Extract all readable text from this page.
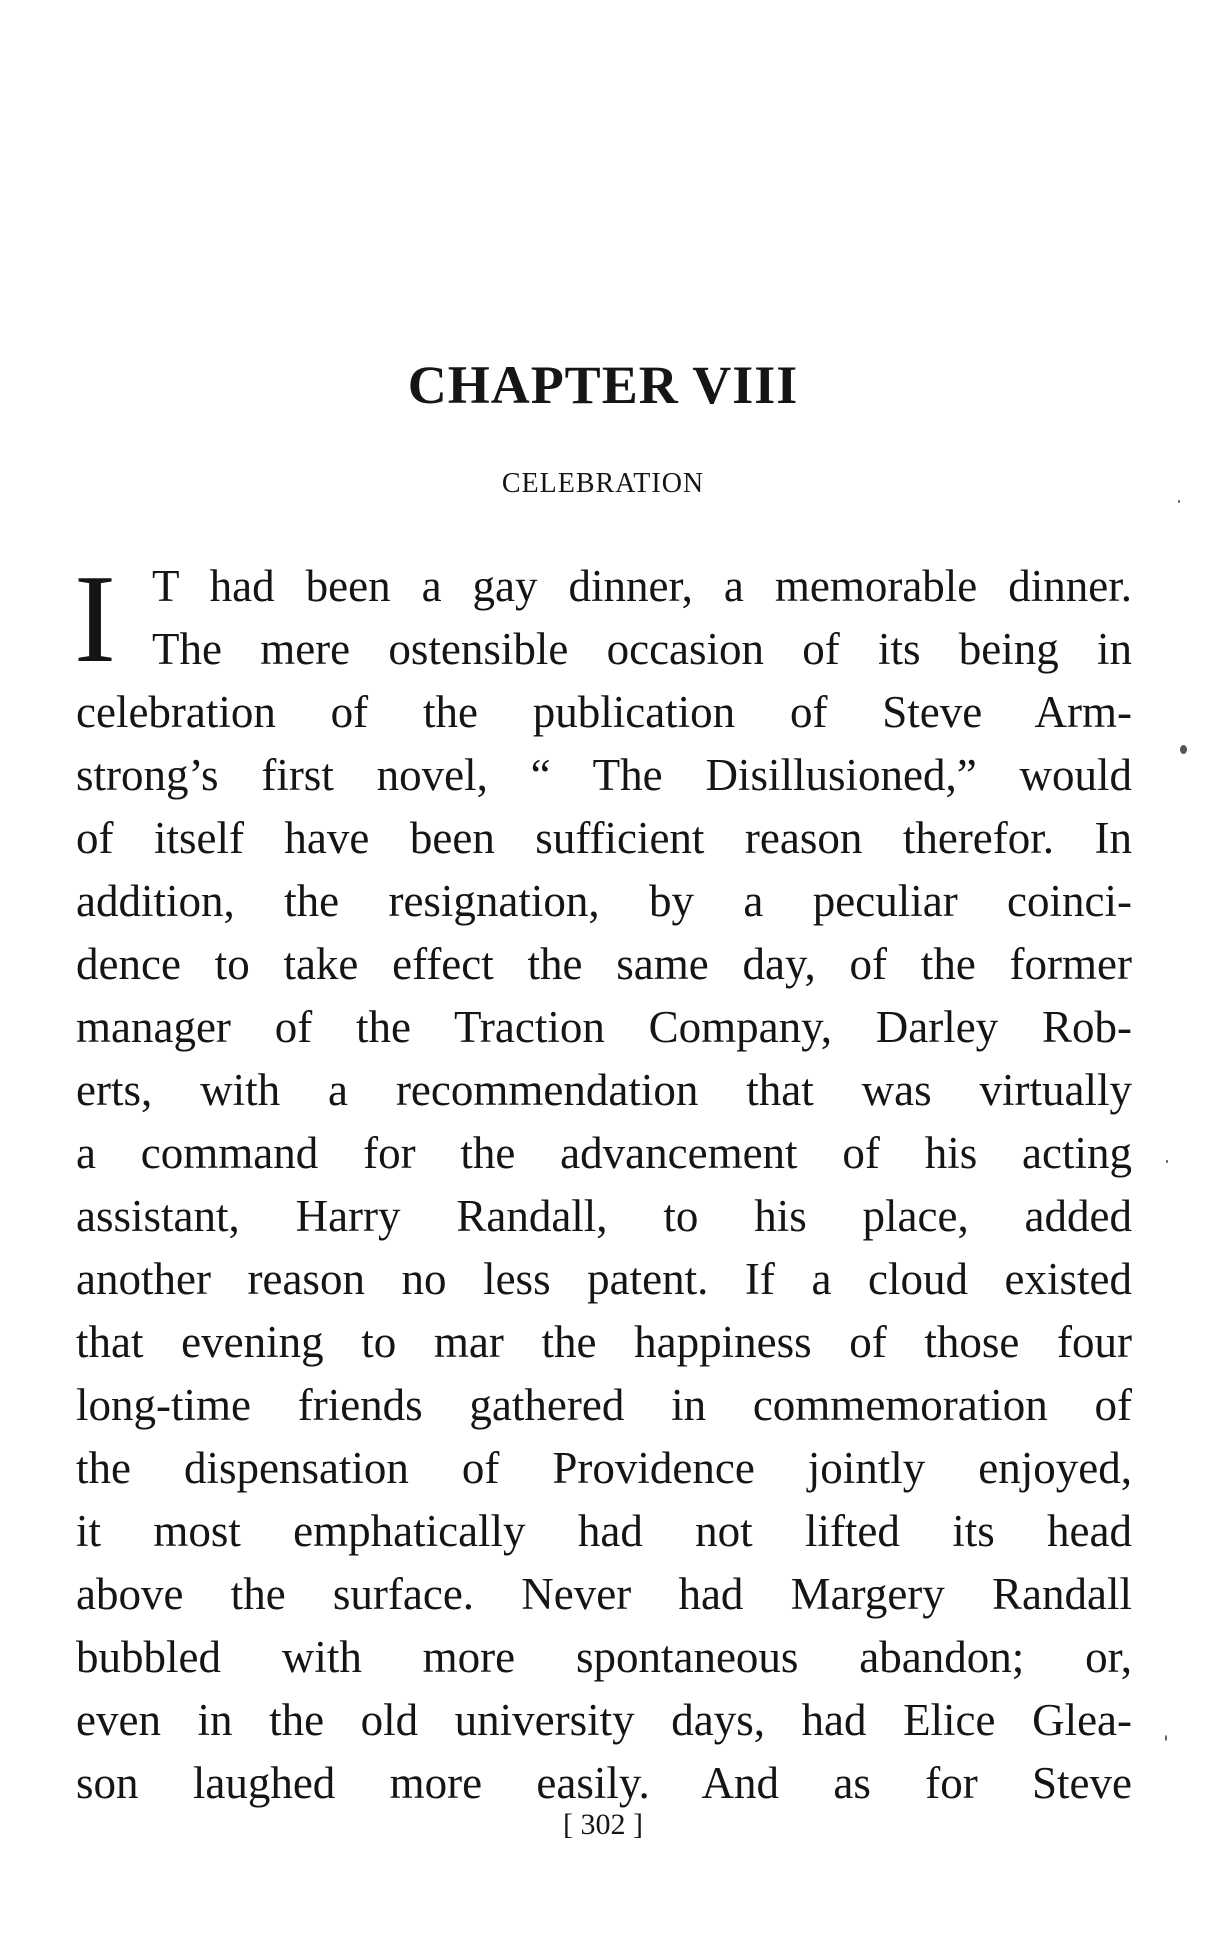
CHAPTER VIII
CELEBRATION
I T had been a gay dinner, a memorable dinner.
The mere ostensible occasion of its being in
celebration of the publication of Steve Arm-
strong’s first novel, “ The Disillusioned,” would
of itself have been sufficient reason therefor. In
addition, the resignation, by a peculiar coinci-
dence to take effect the same day, of the former
manager of the Traction Company, Darley Rob-
erts, with a recommendation that was virtually
a command for the advancement of his acting
assistant, Harry Randall, to his place, added
another reason no less patent. If a cloud existed
that evening to mar the happiness of those four
long-time friends gathered in commemoration of
the dispensation of Providence jointly enjoyed,
it most emphatically had not lifted its head
above the surface. Never had Margery Randall
bubbled with more spontaneous abandon; or,
even in the old university days, had Elice Glea-
son laughed more easily. And as for Steve
[ 302 ]
